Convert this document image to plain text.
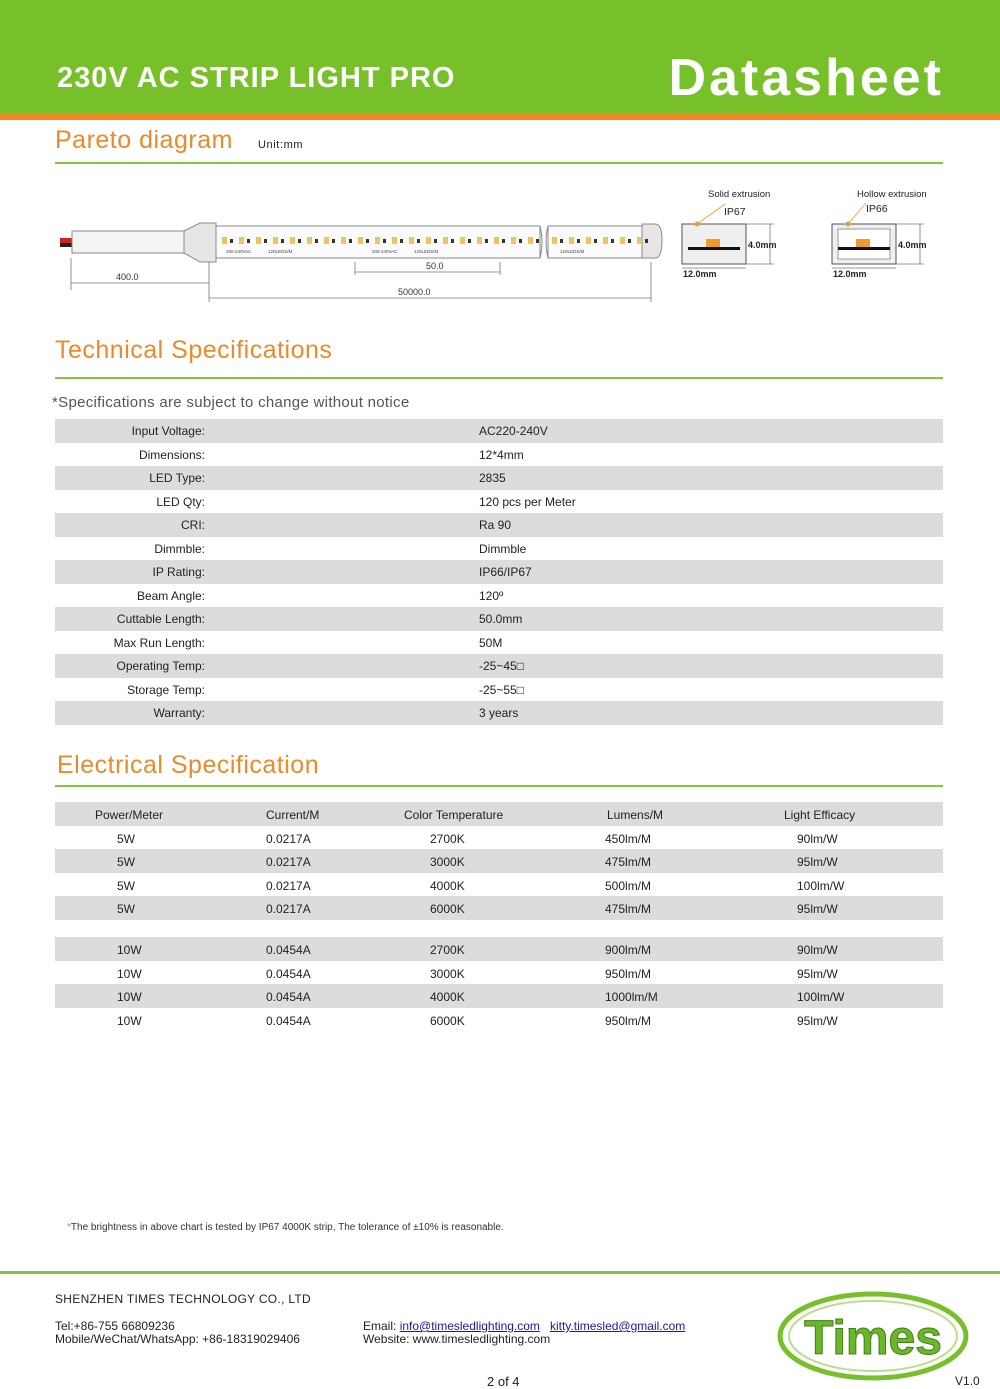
230V AC STRIP LIGHT PRO	Datasheet
Pareto diagram Unit:mm
200-240VAC	120LEDS/M	200-240VAC	120LEDS/M	120LEDS/M
400.0
50.0
50000.0
Solid extrusion
IP67
4.0mm
12.0mm
Hollow extrusion
IP66
4.0mm
12.0mm
Technical Specifications
*Specifications are subject to change without notice
Input Voltage:	AC220-240V
Dimensions:	12*4mm
LED Type:	2835
LED Qty:	120 pcs per Meter
CRI:	Ra 90
Dimmble:	Dimmble
IP Rating:	IP66/IP67
Beam Angle:	120º
Cuttable Length:	50.0mm
Max Run Length:	50M
Operating Temp:	-25~45□
Storage Temp:	-25~55□
Warranty:	3 years
Electrical Specification
Power/Meter	Current/M	Color Temperature	Lumens/M	Light Efficacy
5W	0.0217A	2700K	450lm/M	90lm/W
5W	0.0217A	3000K	475lm/M	95lm/W
5W	0.0217A	4000K	500lm/M	100lm/W
5W	0.0217A	6000K	475lm/M	95lm/W
10W	0.0454A	2700K	900lm/M	90lm/W
10W	0.0454A	3000K	950lm/M	95lm/W
10W	0.0454A	4000K	1000lm/M	100lm/W
10W	0.0454A	6000K	950lm/M	95lm/W
*The brightness in above chart is tested by IP67 4000K strip, The tolerance of ±10% is reasonable.
SHENZHEN TIMES TECHNOLOGY CO., LTD
Tel:+86-755 66809236
Mobile/WeChat/WhatsApp: +86-18319029406
Email: info@timesledlighting.com kitty.timesled@gmail.com
Website: www.timesledlighting.com	Times
2 of 4	V1.0
